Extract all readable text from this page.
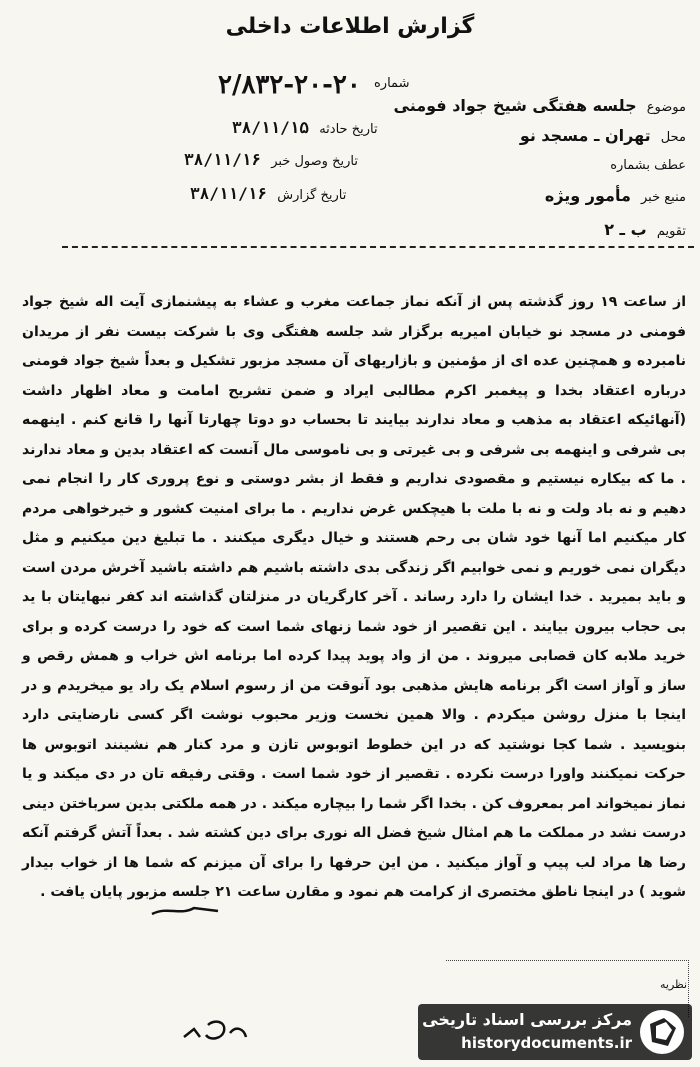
گزارش اطلاعات داخلی
موضوع جلسه هفتگی شیخ جواد فومنی
محل تهران ـ مسجد نو
عطف بشماره
منبع خبر مأمور ویژه
تقویم ب ـ ۲
شماره
۲/۸۳۲-۲۰-۲۰
تاریخ حادثه ۳۸/۱۱/۱۵
تاریخ وصول خبر ۳۸/۱۱/۱۶
تاریخ گزارش ۳۸/۱۱/۱۶

از ساعت ۱۹ روز گذشته پس از آنکه نماز جماعت مغرب و عشاء به پیشنمازی آیت اله شیخ جواد فومنی در مسجد نو خیابان امیریه برگزار شد جلسه هفتگی وی با شرکت بیست نفر از مریدان نامبرده و همچنین عده ای از مؤمنین و بازاریهای آن مسجد مزبور تشکیل و بعداً شیخ جواد فومنی درباره اعتقاد بخدا و پیغمبر اکرم مطالبی ایراد و ضمن تشریح امامت و معاد اظهار داشت (آنهائیکه اعتقاد به مذهب و معاد ندارند بیایند تا بحساب دو دوتا چهارتا آنها را قانع کنم . اینهمه بی شرفی و اینهمه بی شرفی و بی غیرتی و بی ناموسی مال آنست که اعتقاد بدین و معاد ندارند . ما که بیکاره نیستیم و مقصودی نداریم و فقط از بشر دوستی و نوع پروری کار را انجام نمی دهیم و نه باد ولت و نه با ملت با هیچکس غرض نداریم . ما برای امنیت کشور و خیرخواهی مردم کار میکنیم اما آنها خود شان بی رحم هستند و خیال دیگری میکنند . ما تبلیغ دین میکنیم و مثل دیگران نمی خوریم و نمی خوابیم اگر زندگی بدی داشته باشیم هم داشته باشید آخرش مردن است و باید بمیرید . خدا ایشان را دارد رساند . آخر کارگریان در منزلتان گذاشته اند کفر نبهایتان با ید بی حجاب بیرون بیایند . این تقصیر از خود شما زنهای شما است که خود را درست کرده و برای خرید ملابه کان قصابی میروند . من از واد پوید پیدا کرده اما برنامه اش خراب و همش رقص و ساز و آواز است اگر برنامه هایش مذهبی بود آنوقت من از رسوم اسلام یک راد یو میخریدم و در اینجا با منزل روشن میکردم . والا همین نخست وزیر محبوب نوشت اگر کسی نارضایتی دارد بنویسید . شما کجا نوشتید که در این خطوط اتوبوس تازن و مرد کنار هم نشینند اتوبوس ها حرکت نمیکنند واورا درست نکرده . تقصیر از خود شما است . وقتی رفیقه تان در دی میکند و یا نماز نمیخواند امر بمعروف کن . بخدا اگر شما را بیچاره میکند . در همه ملکتی بدین سرباختن دینی درست نشد در مملکت ما هم امثال شیخ فضل اله نوری برای دین کشته شد . بعداً آتش گرفتم آنکه رضا ها مراد لب پیپ و آواز میکنید . من این حرفها را برای آن میزنم که شما ها از خواب بیدار شوید ) در اینجا ناطق مختصری از کرامت هم نمود و مقارن ساعت ۲۱ جلسه مزبور پایان یافت .

نظریه
مرکز بررسی اسناد تاریخی
historydocuments.ir
